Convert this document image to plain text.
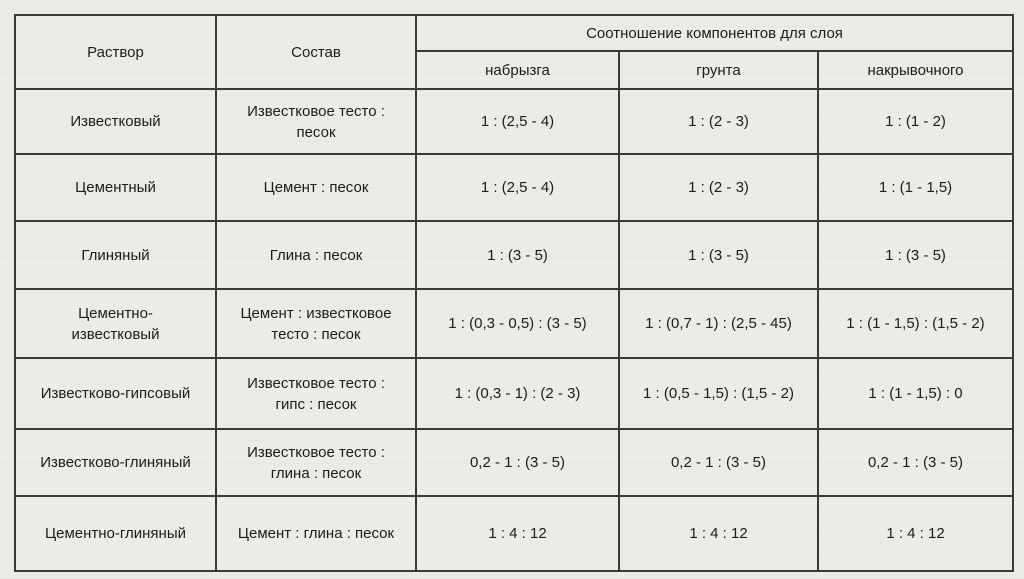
Раствор	Состав	Соотношение компонентов для слоя		
		набрызга	грунта	накрывочного
Известковый	Известковое тесто : песок	1 : (2,5 - 4)	1 : (2 - 3)	1 : (1 - 2)
Цементный	Цемент : песок	1 : (2,5 - 4)	1 : (2 - 3)	1 : (1 - 1,5)
Глиняный	Глина : песок	1 : (3 - 5)	1 : (3 - 5)	1 : (3 - 5)
Цементно- известковый	Цемент : известковое тесто : песок	1 : (0,3 - 0,5) : (3 - 5)	1 : (0,7 - 1) : (2,5 - 45)	1 : (1 - 1,5) : (1,5 - 2)
Известково-гипсовый	Известковое тесто : гипс : песок	1 : (0,3 - 1) : (2 - 3)	1 : (0,5 - 1,5) : (1,5 - 2)	1 : (1 - 1,5) : 0
Известково-глиняный	Известковое тесто : глина : песок	0,2 - 1 : (3 - 5)	0,2 - 1 : (3 - 5)	0,2 - 1 : (3 - 5)
Цементно-глиняный	Цемент : глина : песок	1 : 4 : 12	1 : 4 : 12	1 : 4 : 12
